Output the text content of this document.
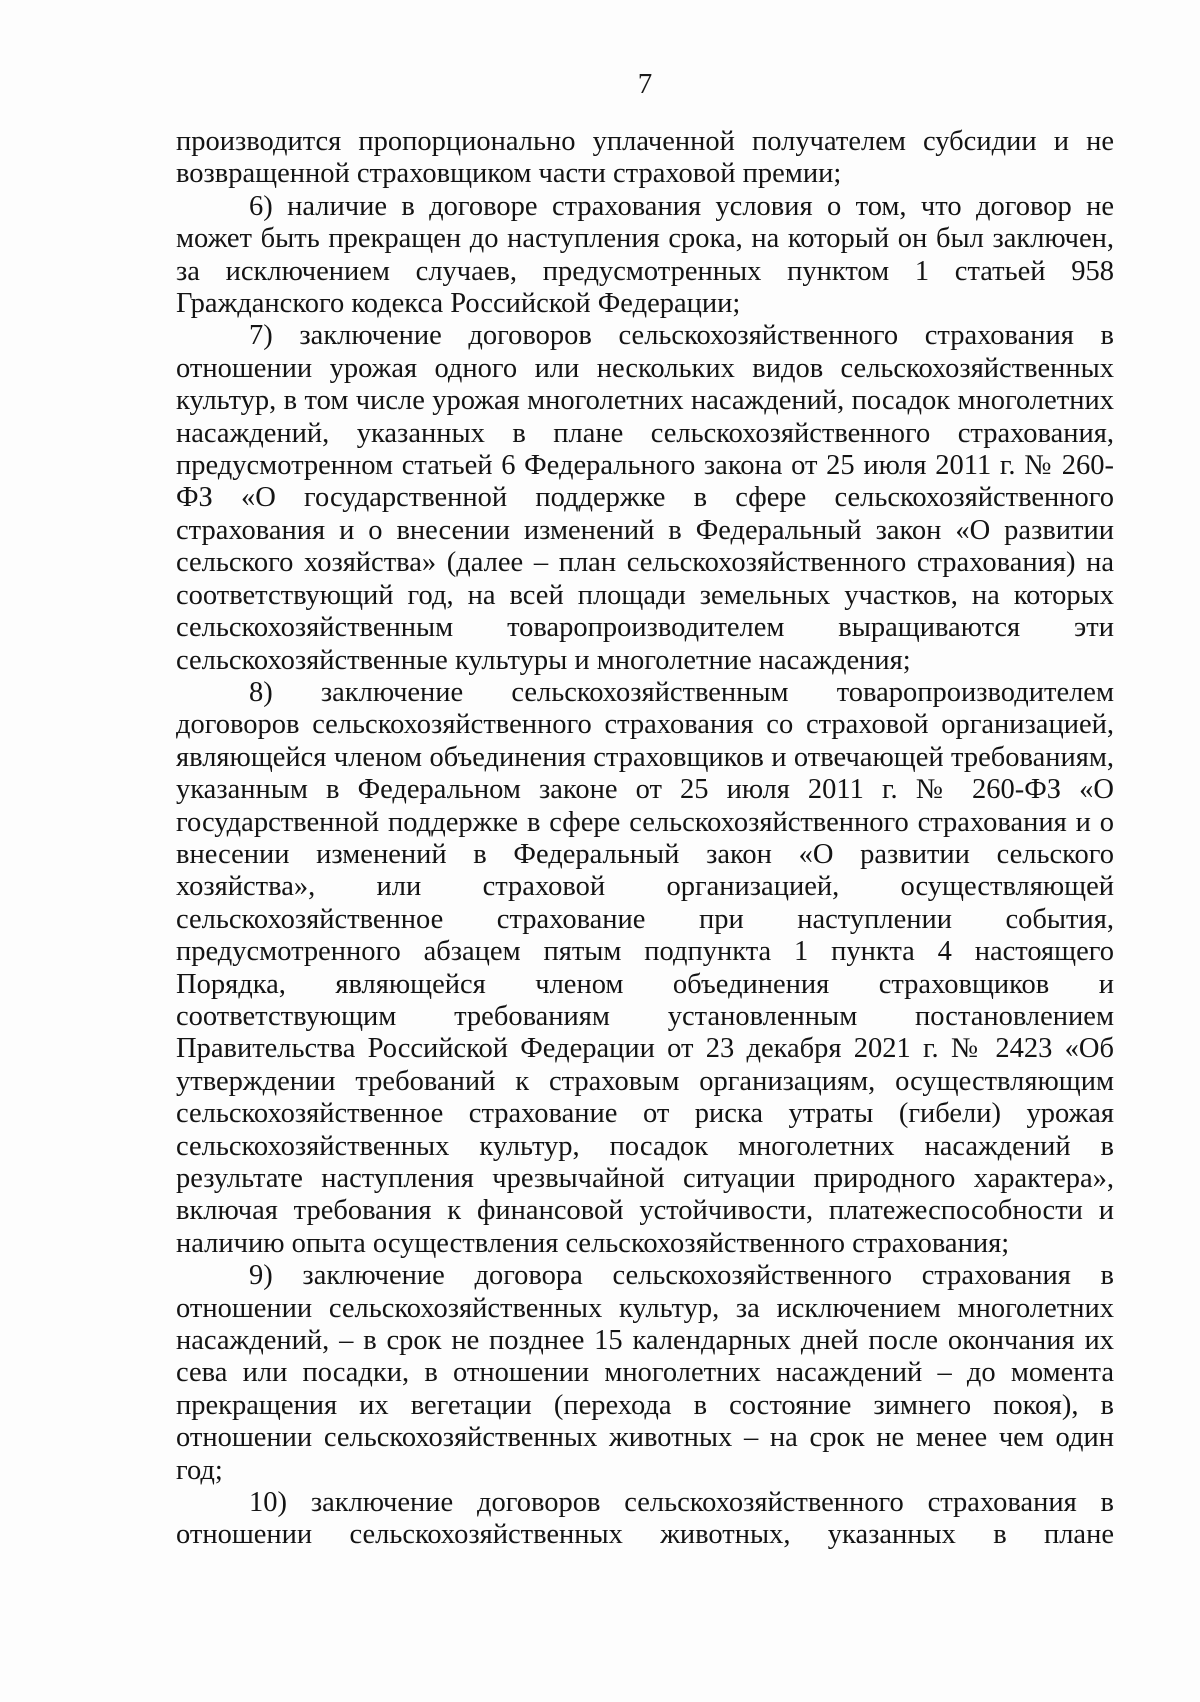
7

производится пропорционально уплаченной получателем субсидии и не возвращенной страховщиком части страховой премии;

6) наличие в договоре страхования условия о том, что договор не может быть прекращен до наступления срока, на который он был заключен, за исключением случаев, предусмотренных пунктом 1 статьей 958 Гражданского кодекса Российской Федерации;

7) заключение договоров сельскохозяйственного страхования в отношении урожая одного или нескольких видов сельскохозяйственных культур, в том числе урожая многолетних насаждений, посадок многолетних насаждений, указанных в плане сельскохозяйственного страхования, предусмотренном статьей 6 Федерального закона от 25 июля 2011 г. № 260-ФЗ «О государственной поддержке в сфере сельскохозяйственного страхования и о внесении изменений в Федеральный закон «О развитии сельского хозяйства» (далее – план сельскохозяйственного страхования) на соответствующий год, на всей площади земельных участков, на которых сельскохозяйственным товаропроизводителем выращиваются эти сельскохозяйственные культуры и многолетние насаждения;

8) заключение сельскохозяйственным товаропроизводителем договоров сельскохозяйственного страхования со страховой организацией, являющейся членом объединения страховщиков и отвечающей требованиям, указанным в Федеральном законе от 25 июля 2011 г. № 260-ФЗ «О государственной поддержке в сфере сельскохозяйственного страхования и о внесении изменений в Федеральный закон «О развитии сельского хозяйства», или страховой организацией, осуществляющей сельскохозяйственное страхование при наступлении события, предусмотренного абзацем пятым подпункта 1 пункта 4 настоящего Порядка, являющейся членом объединения страховщиков и соответствующим требованиям установленным постановлением Правительства Российской Федерации от 23 декабря 2021 г. № 2423 «Об утверждении требований к страховым организациям, осуществляющим сельскохозяйственное страхование от риска утраты (гибели) урожая сельскохозяйственных культур, посадок многолетних насаждений в результате наступления чрезвычайной ситуации природного характера», включая требования к финансовой устойчивости, платежеспособности и наличию опыта осуществления сельскохозяйственного страхования;

9) заключение договора сельскохозяйственного страхования в отношении сельскохозяйственных культур, за исключением многолетних насаждений, – в срок не позднее 15 календарных дней после окончания их сева или посадки, в отношении многолетних насаждений – до момента прекращения их вегетации (перехода в состояние зимнего покоя), в отношении сельскохозяйственных животных – на срок не менее чем один год;

10) заключение договоров сельскохозяйственного страхования в отношении сельскохозяйственных животных, указанных в плане
